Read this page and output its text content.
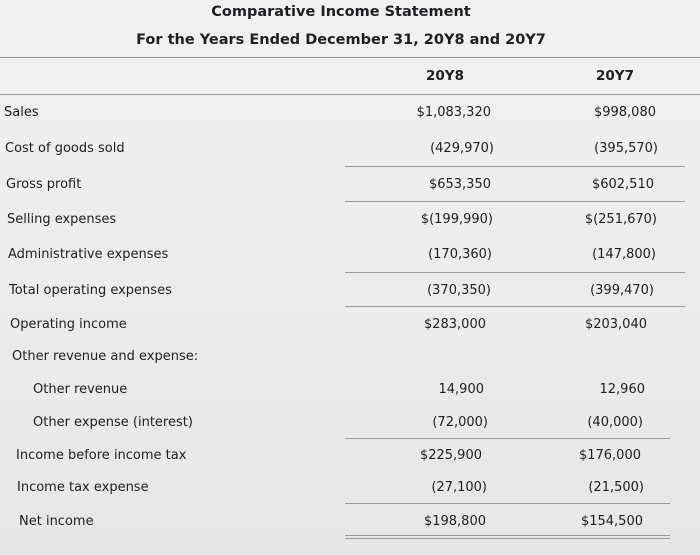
Comparative Income Statement
For the Years Ended December 31, 20Y8 and 20Y7
20Y8	20Y7
Sales
Cost of goods sold
Gross profit
Selling expenses
Administrative expenses
Total operating expenses
Operating income
Other revenue and expense:
Other revenue
Other expense (interest)
Income before income tax
Income tax expense
Net income
$1,083,320
(429,970)
$653,350
$(199,990)
(170,360)
(370,350)
$283,000
14,900
(72,000)
$225,900
(27,100)
$198,800
$998,080
(395,570)
$602,510
$(251,670)
(147,800)
(399,470)
$203,040
12,960
(40,000)
$176,000
(21,500)
$154,500
